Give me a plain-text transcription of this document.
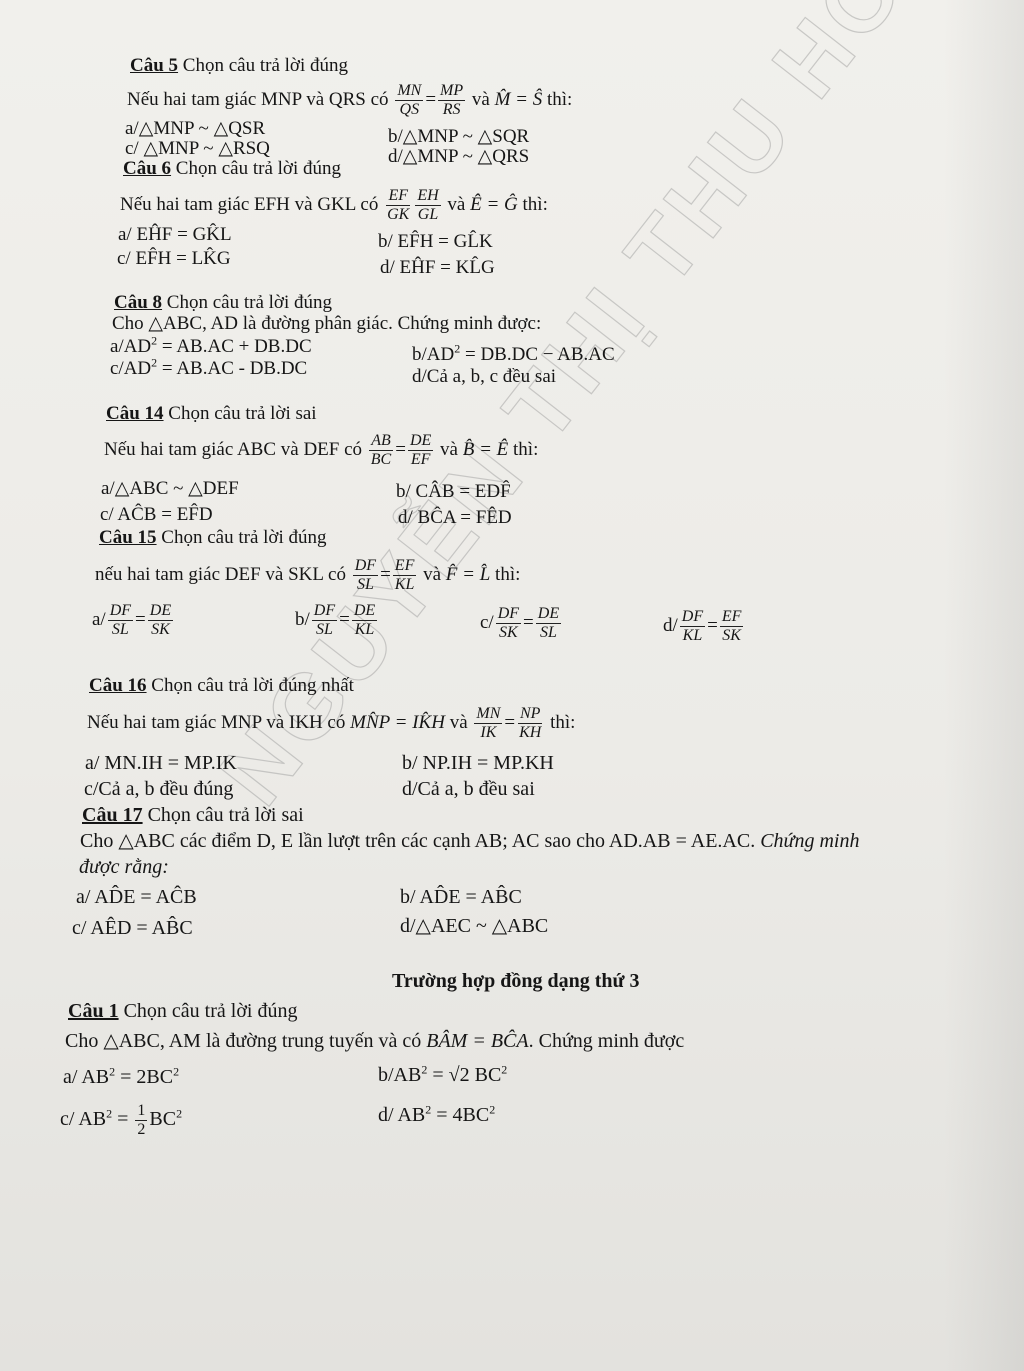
Câu 5 Chọn câu trả lời đúng
Nếu hai tam giác MNP và QRS có $\frac{MN}{QS} = \frac{MP}{RS}$ và M̂ = Ŝ thì:
a/△MNP ~ △QSR	b/△MNP ~ △SQR
c/ △MNP ~ △RSQ	d/△MNP ~ △QRS
Câu 6 Chọn câu trả lời đúng
Nếu hai tam giác EFH và GKL có $\frac{EF}{GK} \frac{EH}{GL}$ và Ê = Ĝ thì:
a/ EĤF = GK̂L	b/ EF̂H = GL̂K
c/ EF̂H = LK̂G	d/ EĤF = KL̂G
Câu 8 Chọn câu trả lời đúng
Cho △ABC, AD là đường phân giác. Chứng minh được:
$a/AD^2 = AB.AC + DB.DC$	$b/AD^2 = DB.DC - AB.AC$
$c/AD^2 = AB.AC - DB.DC$	d/Cả a, b, c đều sai
Câu 14 Chọn câu trả lời sai
Nếu hai tam giác ABC và DEF có $\frac{AB}{BC} = \frac{DE}{EF}$ và B̂ = Ê thì:
a/△ABC ~ △DEF	b/ CÂB = EDF̂
c/ AĈB = EF̂D	d/ BĈA = FÊD
Câu 15 Chọn câu trả lời đúng
nếu hai tam giác DEF và SKL có $\frac{DF}{SL} = \frac{EF}{KL}$ và F̂ = L̂ thì:
$a/ \frac{DF}{SL} = \frac{DE}{SK}$	$b/ \frac{DF}{SL} = \frac{DE}{KL}$	$c/ \frac{DF}{SK} = \frac{DE}{SL}$	$d/ \frac{DF}{KL} = \frac{EF}{SK}$
Câu 16 Chọn câu trả lời đúng nhất
Nếu hai tam giác MNP và IKH có MN̂P = IK̂H và $\frac{MN}{IK} = \frac{NP}{KH}$ thì:
a/ MN.IH = MP.IK	b/ NP.IH = MP.KH
c/Cả a, b đều đúng	d/Cả a, b đều sai
Câu 17 Chọn câu trả lời sai
Cho △ABC các điểm D, E lần lượt trên các cạnh AB; AC sao cho AD.AB = AE.AC. Chứng minh
được rằng:
a/ AD̂E = AĈB	b/ AD̂E = AB̂C
c/ AÊD = AB̂C	d/△AEC ~ △ABC
Trường hợp đồng dạng thứ 3
Câu 1 Chọn câu trả lời đúng
Cho △ABC, AM là đường trung tuyến và có BÂM = BĈA. Chứng minh được
a/ $AB^2 = 2BC^2$	$b/AB^2 = √2$ $BC^2$
c/ $AB^2 = \frac{1}{2} BC^2$	d/ $AB^2 = 4BC^2$
